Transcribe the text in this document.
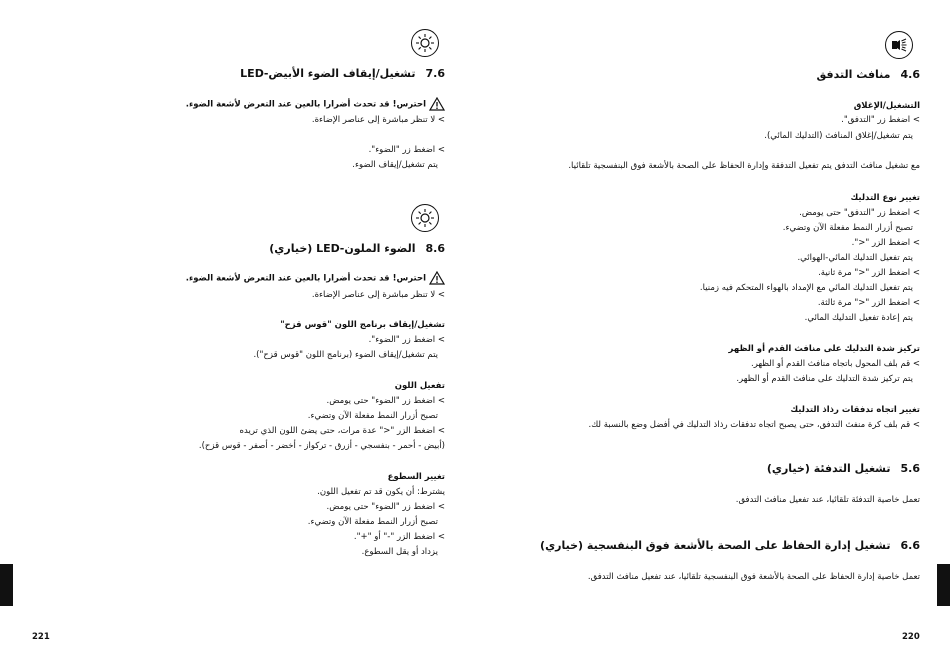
7.6تشغيل/إيقاف الضوء الأبيض-LED
احترس! قد تحدث أضرارا بالعين عند التعرض لأشعة الضوء.
> لا تنظر مباشرة إلى عناصر الإضاءة.
> اضغط زر "الضوء".
يتم تشغيل/إيقاف الضوء.
8.6الضوء الملون-LED (خياري)
احترس! قد تحدث أضرارا بالعين عند التعرض لأشعة الضوء.
> لا تنظر مباشرة إلى عناصر الإضاءة.
تشغيل/إيقاف برنامج اللون "قوس قزح"
> اضغط زر "الضوء".
يتم تشغيل/إيقاف الضوء (برنامج اللون "قوس قزح").
تفعيل اللون
> اضغط زر "الضوء" حتى يومض.
تصبح أزرار النمط مفعلة الآن وتضيء.
> اضغط الزر "<" عدة مرات، حتى يضئ اللون الذي تريده
(أبيض - أحمر - بنفسجي - أزرق - تركواز - أخضر - أصفر - قوس قزح).
تغيير السطوع
يشترط: أن يكون قد تم تفعيل اللون.
> اضغط زر "الضوء" حتى يومض.
تصبح أزرار النمط مفعلة الآن وتضيء.
> اضغط الزر "-" أو "+".
يزداد أو يقل السطوع.
221
4.6منافث التدفق
التشغيل/الإغلاق
> اضغط زر "التدفق".
يتم تشغيل/إغلاق المنافث (التدليك المائي).
مع تشغيل منافث التدفق يتم تفعيل التدفقة وإدارة الحفاظ على الصحة بالأشعة فوق البنفسجية تلقائيا.
تغيير نوع التدليك
> اضغط زر "التدفق" حتى يومض.
تصبح أزرار النمط مفعلة الآن وتضيء.
> اضغط الزر "<".
يتم تفعيل التدليك المائي-الهوائي.
> اضغط الزر "<" مرة ثانية.
يتم تفعيل التدليك المائي مع الإمداد بالهواء المتحكم فيه زمنيا.
> اضغط الزر "<" مرة ثالثة.
يتم إعادة تفعيل التدليك المائي.
تركيز شدة التدليك على منافث القدم أو الظهر
> قم بلف المحول باتجاه منافث القدم أو الظهر.
يتم تركيز شدة التدليك على منافث القدم أو الظهر.
تغيير اتجاه تدفقات رذاذ التدليك
> قم بلف كرة منفث التدفق، حتى يصبح اتجاه تدفقات رذاذ التدليك في أفضل وضع بالنسبة لك.
5.6تشغيل التدفئة (خياري)
تعمل خاصية التدفئة تلقائيا، عند تفعيل منافث التدفق.
6.6تشغيل إدارة الحفاظ على الصحة بالأشعة فوق البنفسجية (خياري)
تعمل خاصية إدارة الحفاظ على الصحة بالأشعة فوق البنفسجية تلقائيا، عند تفعيل منافث التدفق.
220
